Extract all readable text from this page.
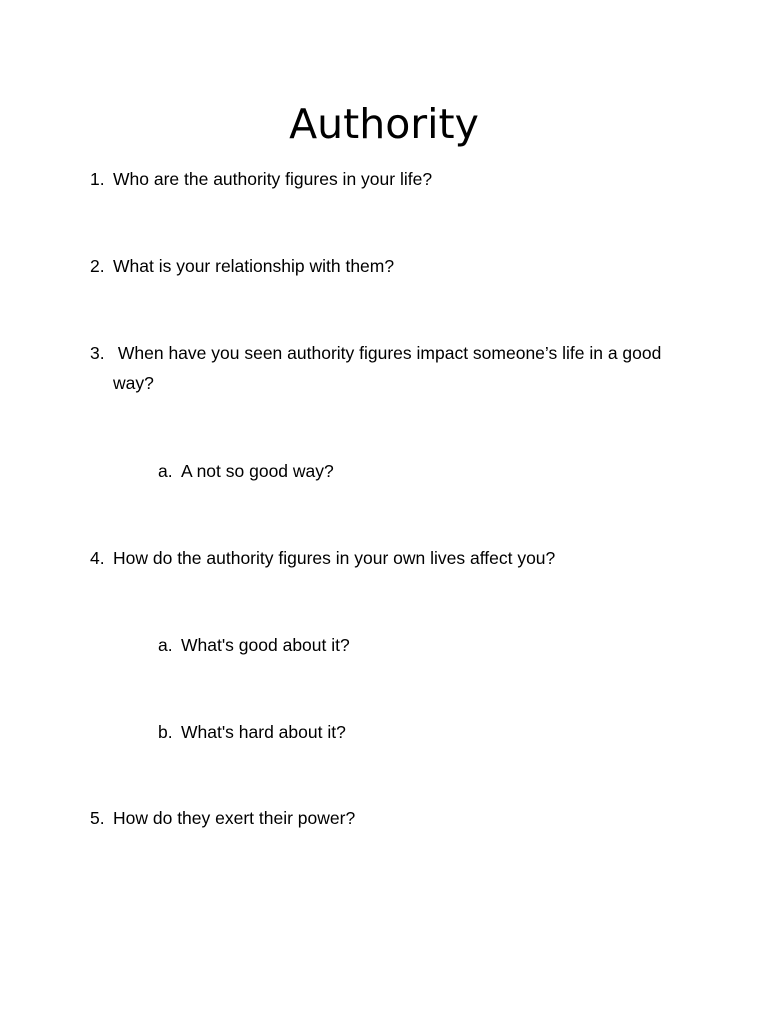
Authority
1. Who are the authority figures in your life?
2. What is your relationship with them?
3. When have you seen authority figures impact someone’s life in a good way?
a. A not so good way?
4. How do the authority figures in your own lives affect you?
a. What's good about it?
b. What's hard about it?
5. How do they exert their power?
